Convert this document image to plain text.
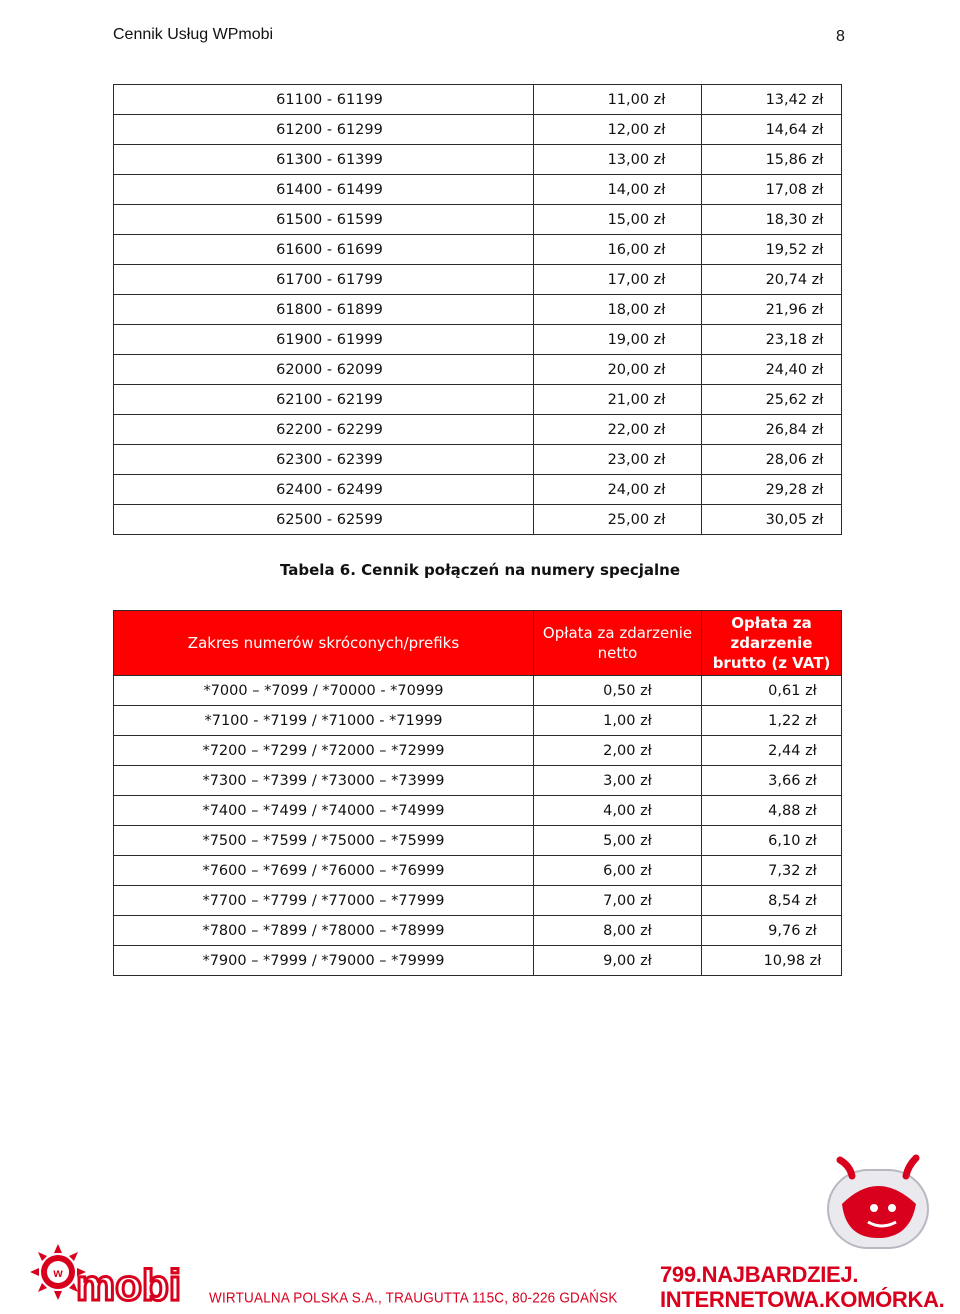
Cennik Usług WPmobi	8
61100 - 61199	11,00 zł	13,42 zł
61200 - 61299	12,00 zł	14,64 zł
61300 - 61399	13,00 zł	15,86 zł
61400 - 61499	14,00 zł	17,08 zł
61500 - 61599	15,00 zł	18,30 zł
61600 - 61699	16,00 zł	19,52 zł
61700 - 61799	17,00 zł	20,74 zł
61800 - 61899	18,00 zł	21,96 zł
61900 - 61999	19,00 zł	23,18 zł
62000 - 62099	20,00 zł	24,40 zł
62100 - 62199	21,00 zł	25,62 zł
62200 - 62299	22,00 zł	26,84 zł
62300 - 62399	23,00 zł	28,06 zł
62400 - 62499	24,00 zł	29,28 zł
62500 - 62599	25,00 zł	30,05 zł
Tabela 6. Cennik połączeń na numery specjalne
Zakres numerów skróconych/prefiks	Opłata za zdarzenie netto	Opłata za zdarzenie brutto (z VAT)
*7000 – *7099 / *70000 - *70999	0,50 zł	0,61 zł
*7100 - *7199 / *71000 - *71999	1,00 zł	1,22 zł
*7200 – *7299 / *72000 – *72999	2,00 zł	2,44 zł
*7300 – *7399 / *73000 – *73999	3,00 zł	3,66 zł
*7400 – *7499 / *74000 – *74999	4,00 zł	4,88 zł
*7500 – *7599 / *75000 – *75999	5,00 zł	6,10 zł
*7600 – *7699 / *76000 – *76999	6,00 zł	7,32 zł
*7700 – *7799 / *77000 – *77999	7,00 zł	8,54 zł
*7800 – *7899 / *78000 – *78999	8,00 zł	9,76 zł
*7900 – *7999 / *79000 – *79999	9,00 zł	10,98 zł
w mobi WIRTUALNA POLSKA S.A., TRAUGUTTA 115C, 80-226 GDAŃSK
799.NAJBARDZIEJ.
INTERNETOWA.KOMÓRKA.
